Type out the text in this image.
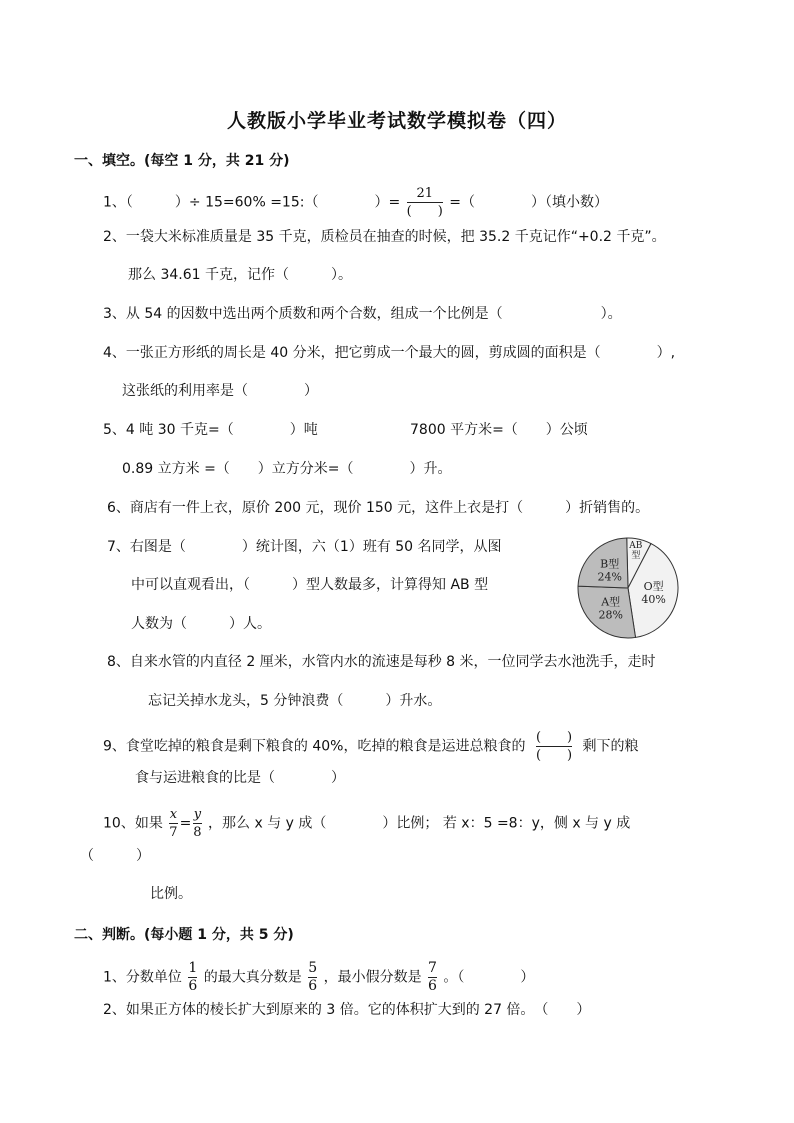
人教版小学毕业考试数学模拟卷（四）
一、填空。(每空 1 分，共 21 分)
1、（　　　）÷ 15=60% =15:（　　　　）= $\frac{21}{( )}$ =（　　　　）（填小数）
2、一袋大米标准质量是 35 千克，质检员在抽查的时候，把 35.2 千克记作“+0.2 千克”。
那么 34.61 千克，记作（　　　）。
3、从 54 的因数中选出两个质数和两个合数，组成一个比例是（　　　　　　　）。
4、一张正方形纸的周长是 40 分米，把它剪成一个最大的圆，剪成圆的面积是（　　　　）,
这张纸的利用率是（　　　　）
5、4 吨 30 千克=（　　　　）吨	7800 平方米=（　　）公顷
0.89 立方米 =（　　）立方分米=（　　　　）升。
6、商店有一件上衣，原价 200 元，现价 150 元，这件上衣是打（　　　）折销售的。
7、右图是（　　　　）统计图，六（1）班有 50 名同学，从图
中可以直观看出，（　　　）型人数最多，计算得知 AB 型
人数为（　　　）人。
AB
型
O型
40%
A型
28%
B型
24%
8、自来水管的内直径 2 厘米，水管内水的流速是每秒 8 米，一位同学去水池洗手，走时
忘记关掉水龙头，5 分钟浪费（　　　）升水。
9、食堂吃掉的粮食是剩下粮食的 40%，吃掉的粮食是运进总粮食的 $\frac{( )}{( )}$ 剩下的粮
食与运进粮食的比是（　　　　）
10、如果 $\frac{x}{7} = \frac{y}{8}$ ，那么 x 与 y 成（　　　　）比例； 若 x：5 =8：y，侧 x 与 y 成
（　　　）
比例。
二、判断。(每小题 1 分，共 5 分)
1、分数单位 $\frac{1}{6}$ 的最大真分数是 $\frac{5}{6}$ ，最小假分数是 $\frac{7}{6}$ 。（　　　　）
2、如果正方体的棱长扩大到原来的 3 倍。它的体积扩大到的 27 倍。　（　　）
